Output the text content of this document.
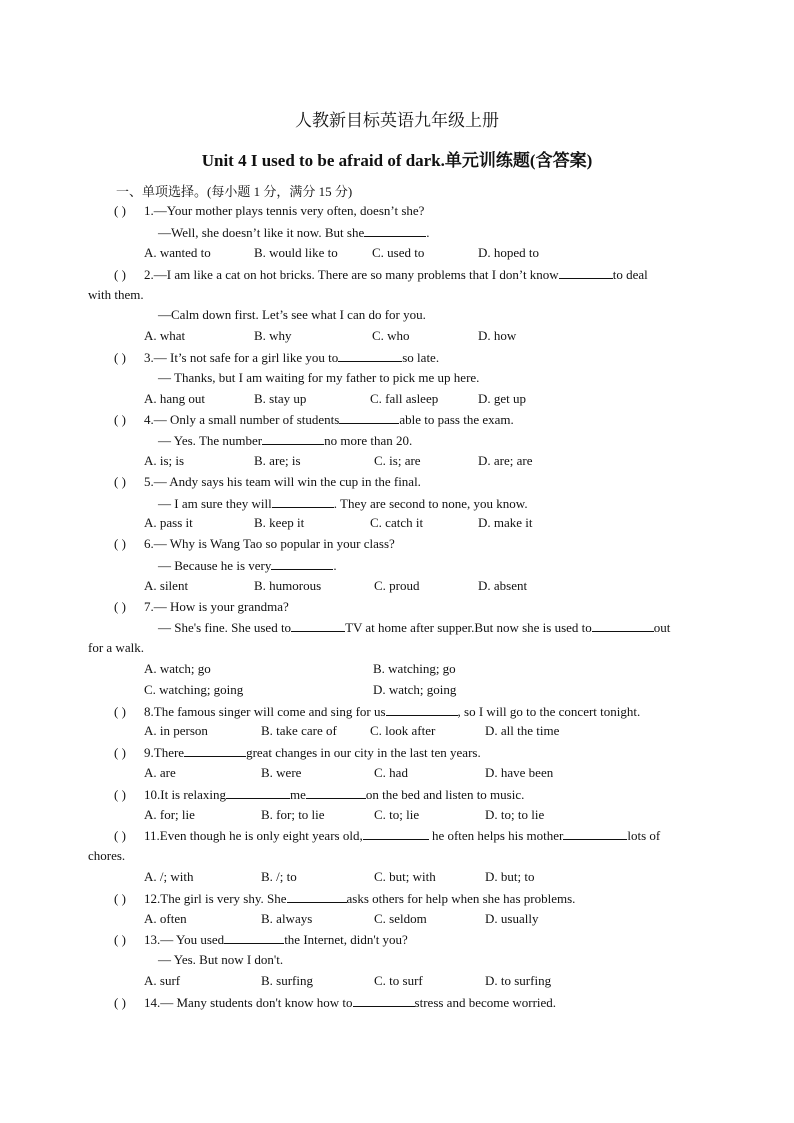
人教新目标英语九年级上册
Unit 4 I used to be afraid of dark.单元训练题(含答案)
一、单项选择。(每小题 1 分，满分 15 分)
( ) 1.—Your mother plays tennis very often, doesn’t she?
—Well, she doesn’t like it now. But she	.
A. wanted to	B. would like to	C. used to	D. hoped to
( ) 2.—I am like a cat on hot bricks. There are so many problems that I don’t know	to deal
with them.
—Calm down first. Let’s see what I can do for you.
A. what	B. why	C. who	D. how
( ) 3.— It’s not safe for a girl like you to	so late.
— Thanks, but I am waiting for my father to pick me up here.
A. hang out	B. stay up	C. fall asleep	D. get up
( ) 4.— Only a small number of students	able to pass the exam.
— Yes. The number	no more than 20.
A. is; is	B. are; is	C. is; are	D. are; are
( ) 5.— Andy says his team will win the cup in the final.
— I am sure they will	. They are second to none, you know.
A. pass it	B. keep it	C. catch it	D. make it
( ) 6.— Why is Wang Tao so popular in your class?
— Because he is very	.
A. silent	B. humorous	C. proud	D. absent
( ) 7.— How is your grandma?
— She's fine. She used to	TV at home after supper.But now she is used to	out
for a walk.
A. watch; go	B. watching; go
C. watching; going	D. watch; going
( ) 8.The famous singer will come and sing for us	, so I will go to the concert tonight.
A. in person	B. take care of	C. look after	D. all the time
( ) 9.There	great changes in our city in the last ten years.
A. are	B. were	C. had	D. have been
( ) 10.It is relaxing	me	on the bed and listen to music.
A. for; lie	B. for; to lie	C. to; lie	D. to; to lie
( ) 11.Even though he is only eight years old,	he often helps his mother	lots of
chores.
A. /; with	B. /; to	C. but; with	D. but; to
( ) 12.The girl is very shy. She	asks others for help when she has problems.
A. often	B. always	C. seldom	D. usually
( ) 13.— You used	the Internet, didn't you?
— Yes. But now I don't.
A. surf	B. surfing	C. to surf	D. to surfing
( ) 14.— Many students don't know how to	stress and become worried.
